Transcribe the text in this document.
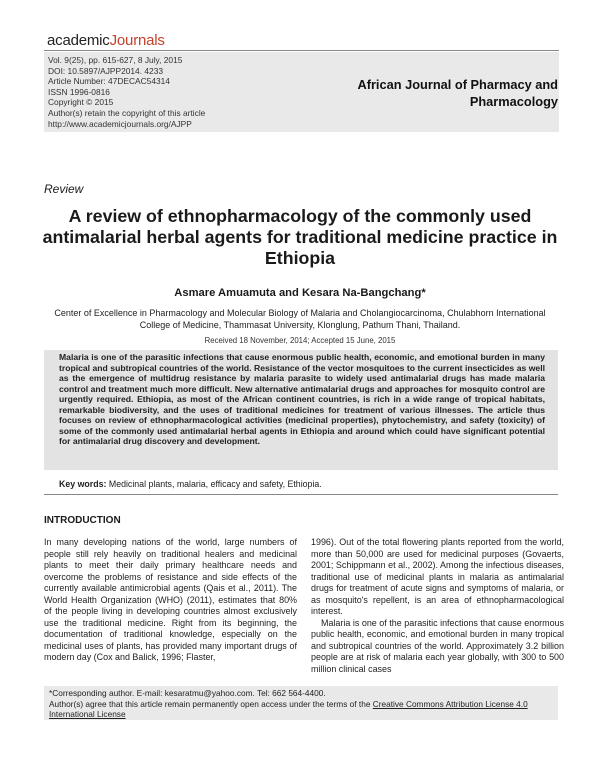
academicJournals
Vol. 9(25), pp. 615-627, 8 July, 2015
DOI: 10.5897/AJPP2014. 4233
Article Number: 47DECAC54314
ISSN 1996-0816
Copyright © 2015
Author(s) retain the copyright of this article
http://www.academicjournals.org/AJPP
African Journal of Pharmacy and
Pharmacology
Review
A review of ethnopharmacology of the commonly used antimalarial herbal agents for traditional medicine practice in Ethiopia
Asmare Amuamuta and Kesara Na-Bangchang*
Center of Excellence in Pharmacology and Molecular Biology of Malaria and Cholangiocarcinoma, Chulabhorn International College of Medicine, Thammasat University, Klonglung, Pathum Thani, Thailand.
Received 18 November, 2014; Accepted 15 June, 2015
Malaria is one of the parasitic infections that cause enormous public health, economic, and emotional burden in many tropical and subtropical countries of the world. Resistance of the vector mosquitoes to the current insecticides as well as the emergence of multidrug resistance by malaria parasite to widely used antimalarial drugs has made malaria control and treatment much more difficult. New alternative antimalarial drugs and approaches for mosquito control are urgently required. Ethiopia, as most of the African continent countries, is rich in a wide range of tropical habitats, remarkable biodiversity, and the uses of traditional medicines for treatment of various illnesses. The article thus focuses on review of ethnopharmacological activities (medicinal properties), phytochemistry, and safety (toxicity) of some of the commonly used antimalarial herbal agents in Ethiopia and around which could have significant potential for antimalarial drug discovery and development.
Key words: Medicinal plants, malaria, efficacy and safety, Ethiopia.
INTRODUCTION

In many developing nations of the world, large numbers of people still rely heavily on traditional healers and medicinal plants to meet their daily primary healthcare needs and overcome the problems of resistance and side effects of the currently available antimicrobial agents (Qais et al., 2011). The World Health Organization (WHO) (2011), estimates that 80% of the people living in developing countries almost exclusively use the traditional medicine. Right from its beginning, the documentation of traditional knowledge, especially on the medicinal uses of plants, has provided many important drugs of modern day (Cox and Balick, 1996; Flaster,

1996). Out of the total flowering plants reported from the world, more than 50,000 are used for medicinal purposes (Govaerts, 2001; Schippmann et al., 2002). Among the infectious diseases, traditional use of medicinal plants in malaria as antimalarial drugs for treatment of acute signs and symptoms of malaria, or as mosquito's repellent, is an area of ethnopharmacological interest.

Malaria is one of the parasitic infections that cause enormous public health, economic, and emotional burden in many tropical and subtropical countries of the world. Approximately 3.2 billion people are at risk of malaria each year globally, with 300 to 500 million clinical cases

*Corresponding author. E-mail: kesaratmu@yahoo.com. Tel: 662 564-4400.
Author(s) agree that this article remain permanently open access under the terms of the Creative Commons Attribution License 4.0 International License
